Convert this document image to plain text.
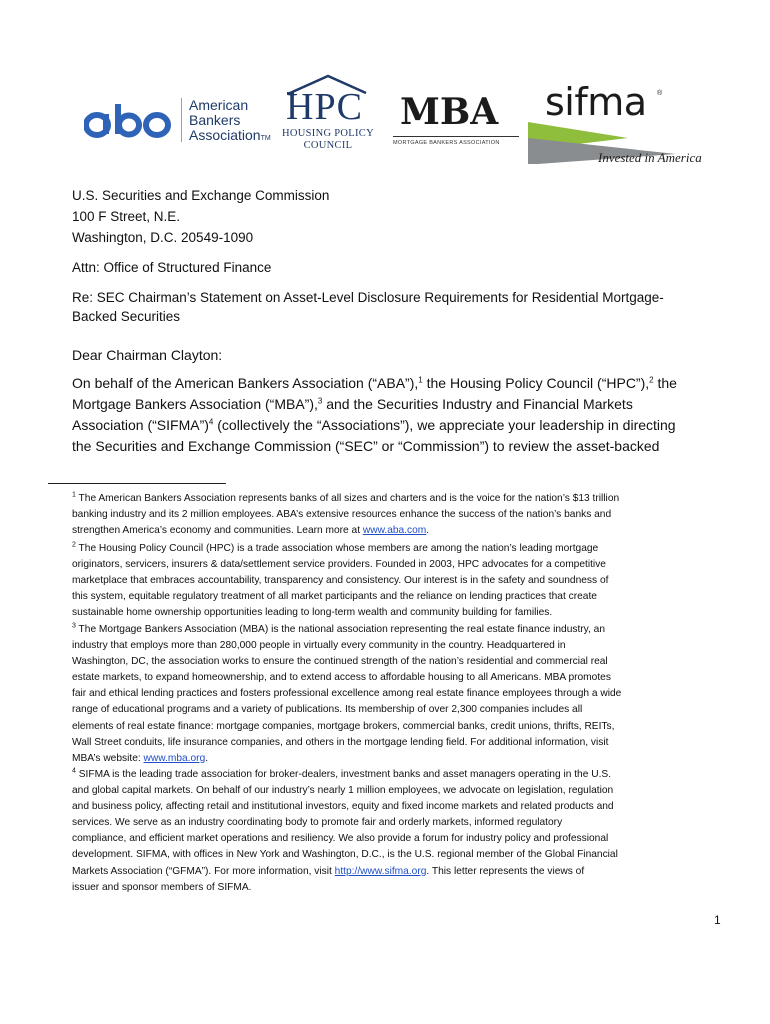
American
Bankers
AssociationTM
HPC
HOUSING POLICY
COUNCIL
MBA
MORTGAGE BANKERS ASSOCIATION
sifma ®
Invested in America
U.S. Securities and Exchange Commission
100 F Street, N.E.
Washington, D.C. 20549-1090
Attn: Office of Structured Finance
Re: SEC Chairman’s Statement on Asset-Level Disclosure Requirements for Residential Mortgage-
Backed Securities
Dear Chairman Clayton:
On behalf of the American Bankers Association (“ABA”),$^1$ the Housing Policy Council (“HPC”),$^2$ the
Mortgage Bankers Association (“MBA”),$^3$ and the Securities Industry and Financial Markets
Association (“SIFMA”)$^4$ (collectively the “Associations”), we appreciate your leadership in directing
the Securities and Exchange Commission (“SEC” or “Commission”) to review the asset-backed
$^1$ The American Bankers Association represents banks of all sizes and charters and is the voice for the nation’s $13 trillion
banking industry and its 2 million employees. ABA’s extensive resources enhance the success of the nation’s banks and
strengthen America’s economy and communities. Learn more at www.aba.com.
$^2$ The Housing Policy Council (HPC) is a trade association whose members are among the nation’s leading mortgage
originators, servicers, insurers & data/settlement service providers. Founded in 2003, HPC advocates for a competitive
marketplace that embraces accountability, transparency and consistency. Our interest is in the safety and soundness of
this system, equitable regulatory treatment of all market participants and the reliance on lending practices that create
sustainable home ownership opportunities leading to long-term wealth and community building for families.
$^3$ The Mortgage Bankers Association (MBA) is the national association representing the real estate finance industry, an
industry that employs more than 280,000 people in virtually every community in the country. Headquartered in
Washington, DC, the association works to ensure the continued strength of the nation’s residential and commercial real
estate markets, to expand homeownership, and to extend access to affordable housing to all Americans. MBA promotes
fair and ethical lending practices and fosters professional excellence among real estate finance employees through a wide
range of educational programs and a variety of publications. Its membership of over 2,300 companies includes all
elements of real estate finance: mortgage companies, mortgage brokers, commercial banks, credit unions, thrifts, REITs,
Wall Street conduits, life insurance companies, and others in the mortgage lending field. For additional information, visit
MBA’s website: www.mba.org.
$^4$ SIFMA is the leading trade association for broker-dealers, investment banks and asset managers operating in the U.S.
and global capital markets. On behalf of our industry’s nearly 1 million employees, we advocate on legislation, regulation
and business policy, affecting retail and institutional investors, equity and fixed income markets and related products and
services. We serve as an industry coordinating body to promote fair and orderly markets, informed regulatory
compliance, and efficient market operations and resiliency. We also provide a forum for industry policy and professional
development. SIFMA, with offices in New York and Washington, D.C., is the U.S. regional member of the Global Financial
Markets Association (“GFMA”). For more information, visit http://www.sifma.org. This letter represents the views of
issuer and sponsor members of SIFMA.
1
